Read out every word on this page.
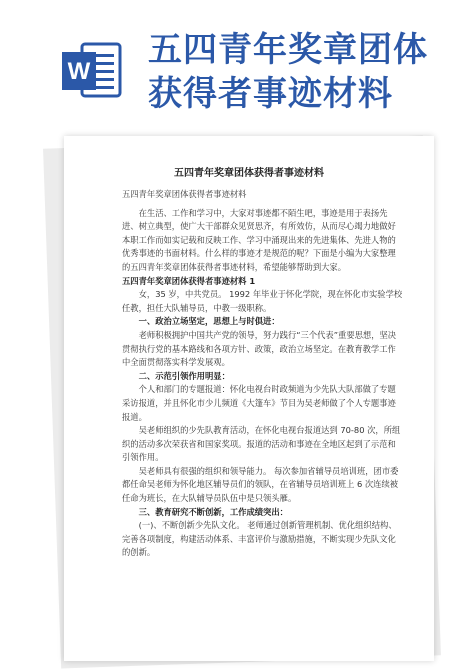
W
五四青年奖章团体
获得者事迹材料
五四青年奖章团体获得者事迹材料

五四青年奖章团体获得者事迹材料

在生活、工作和学习中，大家对事迹都不陌生吧，事迹是用于表扬先进、树立典型，使广大干部群众见贤思齐，有所效仿，从而尽心竭力地做好本职工作而如实记载和反映工作、学习中涌现出来的先进集体、先进人物的优秀事迹的书面材料。什么样的事迹才是规范的呢？下面是小编为大家整理的五四青年奖章团体获得者事迹材料，希望能够帮助到大家。

五四青年奖章团体获得者事迹材料 1

女，35 岁，中共党员。 1992 年毕业于怀化学院，现在怀化市实验学校任教，担任大队辅导员，中教一级职称。

一、政治立场坚定，思想上与时俱进：

老师积极拥护中国共产党的领导，努力践行“三个代表”重要思想，坚决贯彻执行党的基本路线和各项方针、政策，政治立场坚定。在教育教学工作中全面贯彻落实科学发展观。

二、示范引领作用明显：

个人和部门的专题报道：怀化电视台时政频道为少先队大队部做了专题采访报道，并且怀化市少儿频道《大篷车》节目为吴老师做了个人专题事迹报道。

吴老师组织的少先队教育活动，在怀化电视台报道达到 70-80 次，所组织的活动多次荣获省和国家奖项。报道的活动和事迹在全地区起到了示范和引领作用。

吴老师具有很强的组织和领导能力。 每次参加省辅导员培训班，团市委都任命吴老师为怀化地区辅导员们的领队，在省辅导员培训班上 6 次连续被任命为班长，在大队辅导员队伍中是只领头雁。

三、教育研究不断创新，工作成绩突出：

(一)、不断创新少先队文化。 老师通过创新管理机制、优化组织结构、完善各项制度，构建活动体系、丰富评价与激励措施，不断实现少先队文化的创新。
